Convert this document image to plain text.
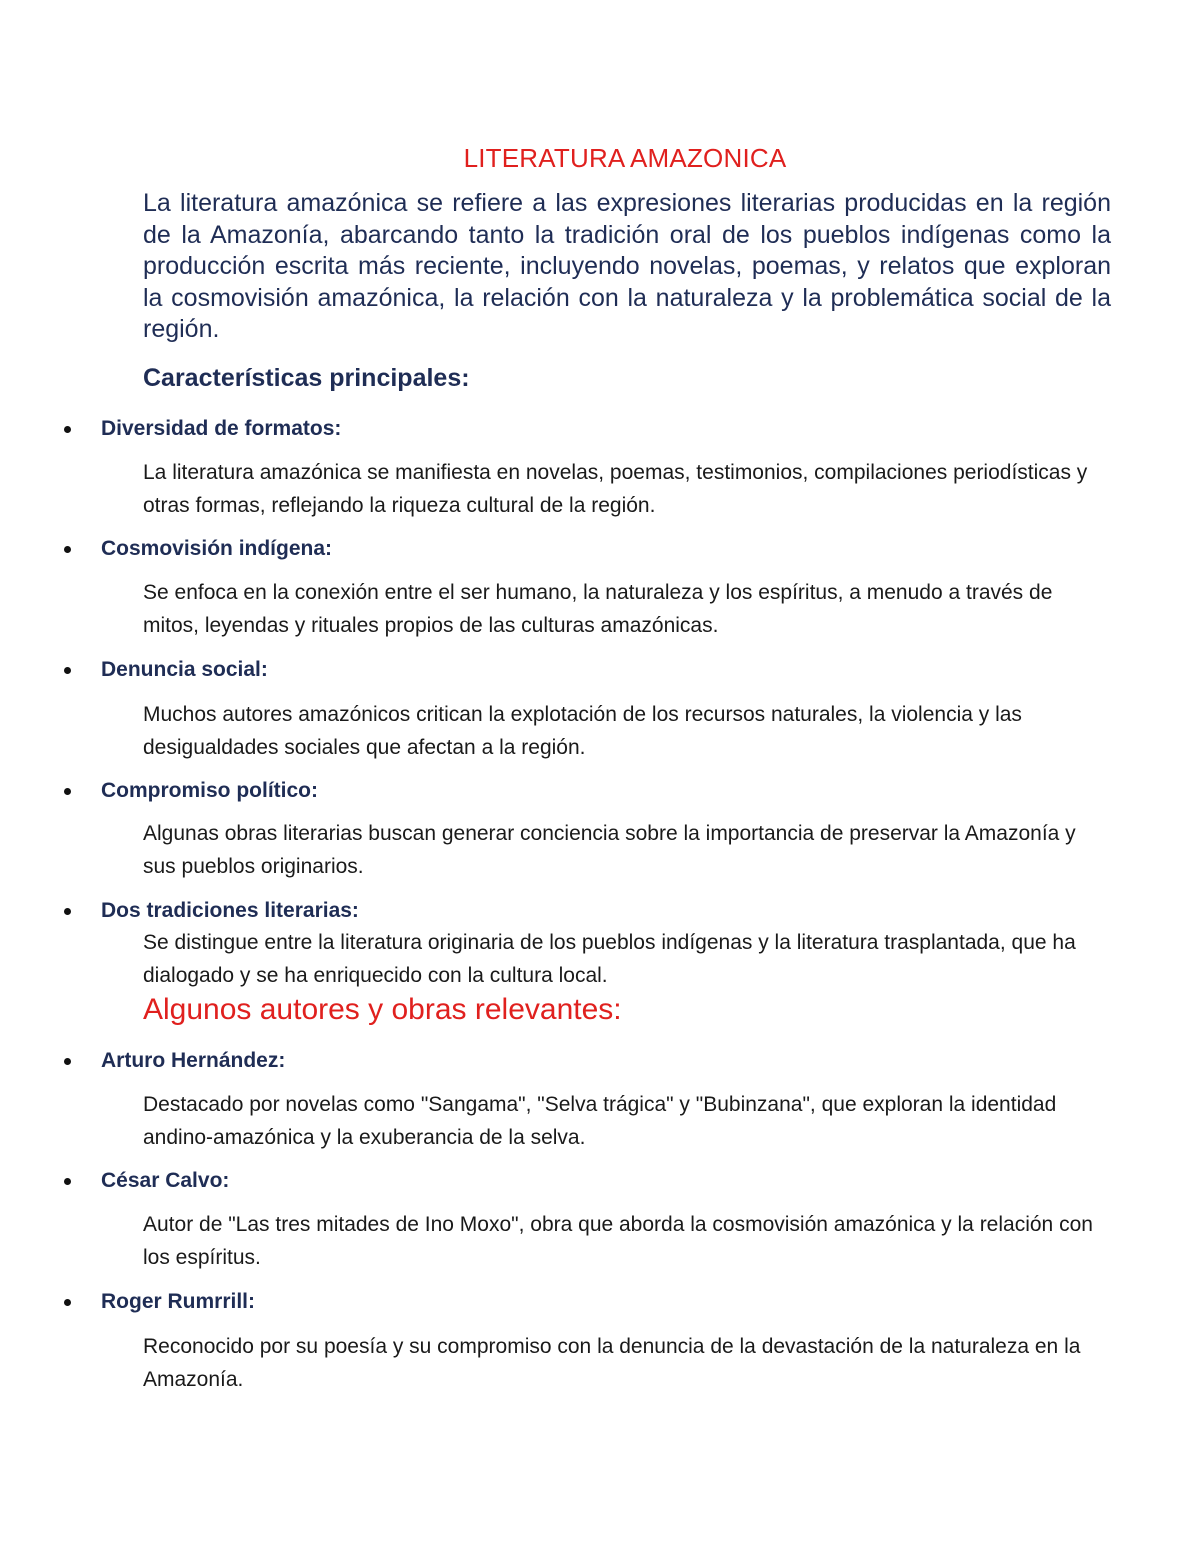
LITERATURA AMAZONICA
La literatura amazónica se refiere a las expresiones literarias producidas en la región de la Amazonía, abarcando tanto la tradición oral de los pueblos indígenas como la producción escrita más reciente, incluyendo novelas, poemas, y relatos que exploran la cosmovisión amazónica, la relación con la naturaleza y la problemática social de la región.
Características principales:
Diversidad de formatos:
La literatura amazónica se manifiesta en novelas, poemas, testimonios, compilaciones periodísticas y otras formas, reflejando la riqueza cultural de la región.
Cosmovisión indígena:
Se enfoca en la conexión entre el ser humano, la naturaleza y los espíritus, a menudo a través de mitos, leyendas y rituales propios de las culturas amazónicas.
Denuncia social:
Muchos autores amazónicos critican la explotación de los recursos naturales, la violencia y las desigualdades sociales que afectan a la región.
Compromiso político:
Algunas obras literarias buscan generar conciencia sobre la importancia de preservar la Amazonía y sus pueblos originarios.
Dos tradiciones literarias:
Se distingue entre la literatura originaria de los pueblos indígenas y la literatura trasplantada, que ha dialogado y se ha enriquecido con la cultura local.
Algunos autores y obras relevantes:
Arturo Hernández:
Destacado por novelas como "Sangama", "Selva trágica" y "Bubinzana", que exploran la identidad andino-amazónica y la exuberancia de la selva.
César Calvo:
Autor de "Las tres mitades de Ino Moxo", obra que aborda la cosmovisión amazónica y la relación con los espíritus.
Roger Rumrrill:
Reconocido por su poesía y su compromiso con la denuncia de la devastación de la naturaleza en la Amazonía.
